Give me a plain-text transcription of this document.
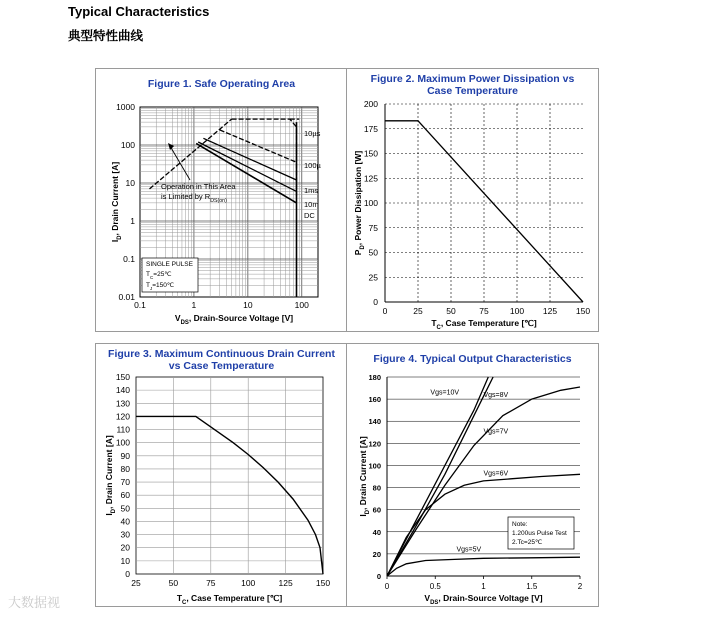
Typical Characteristics
典型特性曲线
Figure 1. Safe Operating Area	Figure 2. Maximum Power Dissipation vs Case Temperature
Figure 3. Maximum Continuous Drain Current vs Case Temperature
Figure 4. Typical Output Characteristics
0.1	1	10	100
0.01
0.1
1
10
100
1000
10µs
100µ
1ms
10m
DC
Operation in This Area
is Limited by $R_{DS(on)}$
SINGLE PULSE
$T_C=25℃$
$T_J=150℃$
$V_{DS}$, Drain-Source Voltage [V]
$I_D$, Drain Current [A]
0
25
50
75
100
125
150
175
200
0	25	50	75 100 125 150
$T_C$, Case Temperature [℃]
$P_D$, Power Dissipation [W]
0
10
20
30
40
50
60
70
80
90
100
110
120
130
140
150
25	50	75	100	125	150
$T_C$, Case Temperature [℃]
$I_D$, Drain Current [A]
0
20
40
60
80
100
120
140
160
180
0	0.5	1	1.5	2
Vgs=10V	Vgs=8V
Vgs=7V
Vgs=6V
Vgs=5V
Note:
1.200us Pulse Test
2.Tc=25℃
$V_{DS}$, Drain-Source Voltage [V]
$I_D$, Drain Current [A]
大数据视
